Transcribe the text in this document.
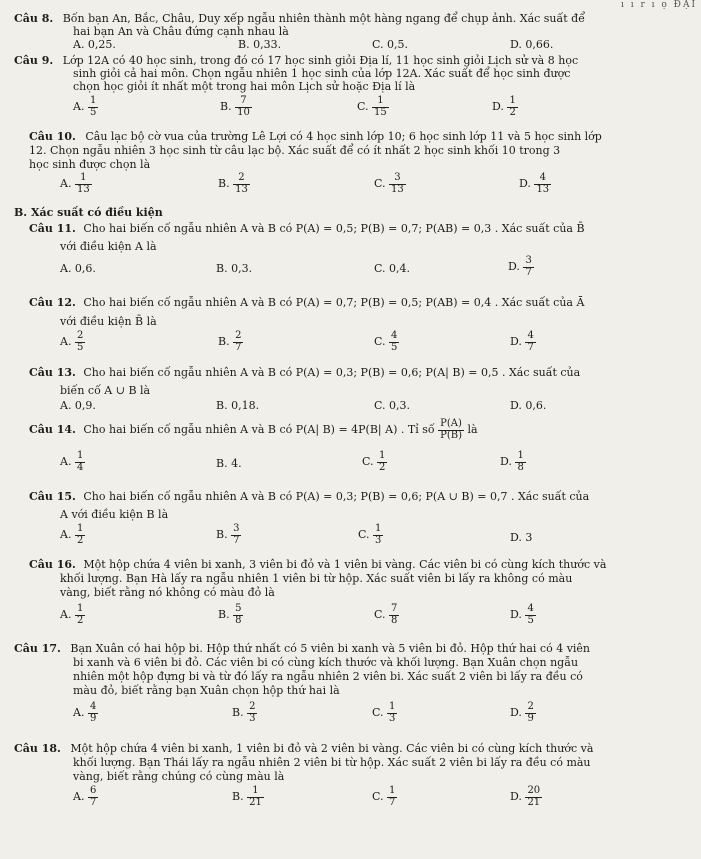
ı ı r ı ọ ĐẠI
Câu 8. Bốn bạn An, Bắc, Châu, Duy xếp ngẫu nhiên thành một hàng ngang để chụp ảnh. Xác suất để
hai bạn An và Châu đứng cạnh nhau là
A. 0,25.	B. 0,33.	C. 0,5.	D. 0,66.
Câu 9. Lớp 12A có 40 học sinh, trong đó có 17 học sinh giỏi Địa lí, 11 học sinh giỏi Lịch sử và 8 học
sinh giỏi cả hai môn. Chọn ngẫu nhiên 1 học sinh của lớp 12A. Xác suất để học sinh được
chọn học giỏi ít nhất một trong hai môn Lịch sử hoặc Địa lí là
A. $\frac{1}{5}$	B. $\frac{7}{10}$	C. $\frac{1}{15}$	D. $\frac{1}{2}$
Câu 10. Câu lạc bộ cờ vua của trường Lê Lợi có 4 học sinh lớp 10; 6 học sinh lớp 11 và 5 học sinh lớp
12. Chọn ngẫu nhiên 3 học sinh từ câu lạc bộ. Xác suất để có ít nhất 2 học sinh khối 10 trong 3
học sinh được chọn là
A. $\frac{1}{13}$	B. $\frac{2}{13}$	C. $\frac{3}{13}$	D. $\frac{4}{13}$
B. Xác suất có điều kiện
Câu 11. Cho hai biến cố ngẫu nhiên A và B có P(A) = 0,5; P(B) = 0,7; P(AB) = 0,3 . Xác suất của B̄
với điều kiện A là
A. 0,6.	B. 0,3.	C. 0,4.	D. $\frac{3}{7}$
Câu 12. Cho hai biến cố ngẫu nhiên A và B có P(A) = 0,7; P(B) = 0,5; P(AB) = 0,4 . Xác suất của Ā
với điều kiện B̄ là
A. $\frac{2}{5}$	B. $\frac{2}{7}$	C. $\frac{4}{5}$	D. $\frac{4}{7}$
Câu 13. Cho hai biến cố ngẫu nhiên A và B có P(A) = 0,3; P(B) = 0,6; P(A| B) = 0,5 . Xác suất của
biến cố A ∪ B là
A. 0,9.	B. 0,18.	C. 0,3.	D. 0,6.
Câu 14. Cho hai biến cố ngẫu nhiên A và B có P(A| B) = 4P(B| A) . Tỉ số $\frac{P(A)}{P(B)}$ là
A. $\frac{1}{4}$	B. 4.	C. $\frac{1}{2}$	D. $\frac{1}{8}$
Câu 15. Cho hai biến cố ngẫu nhiên A và B có P(A) = 0,3; P(B) = 0,6; P(A ∪ B) = 0,7 . Xác suất của
A với điều kiện B là
A. $\frac{1}{2}$	B. $\frac{3}{7}$	C. $\frac{1}{3}$	D. 3
Câu 16. Một hộp chứa 4 viên bi xanh, 3 viên bi đỏ và 1 viên bi vàng. Các viên bi có cùng kích thước và
khối lượng. Bạn Hà lấy ra ngẫu nhiên 1 viên bi từ hộp. Xác suất viên bi lấy ra không có màu
vàng, biết rằng nó không có màu đỏ là
A. $\frac{1}{2}$	B. $\frac{5}{8}$	C. $\frac{7}{8}$	D. $\frac{4}{5}$
Câu 17. Bạn Xuân có hai hộp bi. Hộp thứ nhất có 5 viên bi xanh và 5 viên bi đỏ. Hộp thứ hai có 4 viên
bi xanh và 6 viên bi đỏ. Các viên bi có cùng kích thước và khối lượng. Bạn Xuân chọn ngẫu
nhiên một hộp đựng bi và từ đó lấy ra ngẫu nhiên 2 viên bi. Xác suất 2 viên bi lấy ra đều có
màu đỏ, biết rằng bạn Xuân chọn hộp thứ hai là
A. $\frac{4}{9}$	B. $\frac{2}{3}$	C. $\frac{1}{3}$	D. $\frac{2}{9}$
Câu 18. Một hộp chứa 4 viên bi xanh, 1 viên bi đỏ và 2 viên bi vàng. Các viên bi có cùng kích thước và
khối lượng. Bạn Thái lấy ra ngẫu nhiên 2 viên bi từ hộp. Xác suất 2 viên bi lấy ra đều có màu
vàng, biết rằng chúng có cùng màu là
A. $\frac{6}{7}$	B. $\frac{1}{21}$	C. $\frac{1}{7}$	D. $\frac{20}{21}$
